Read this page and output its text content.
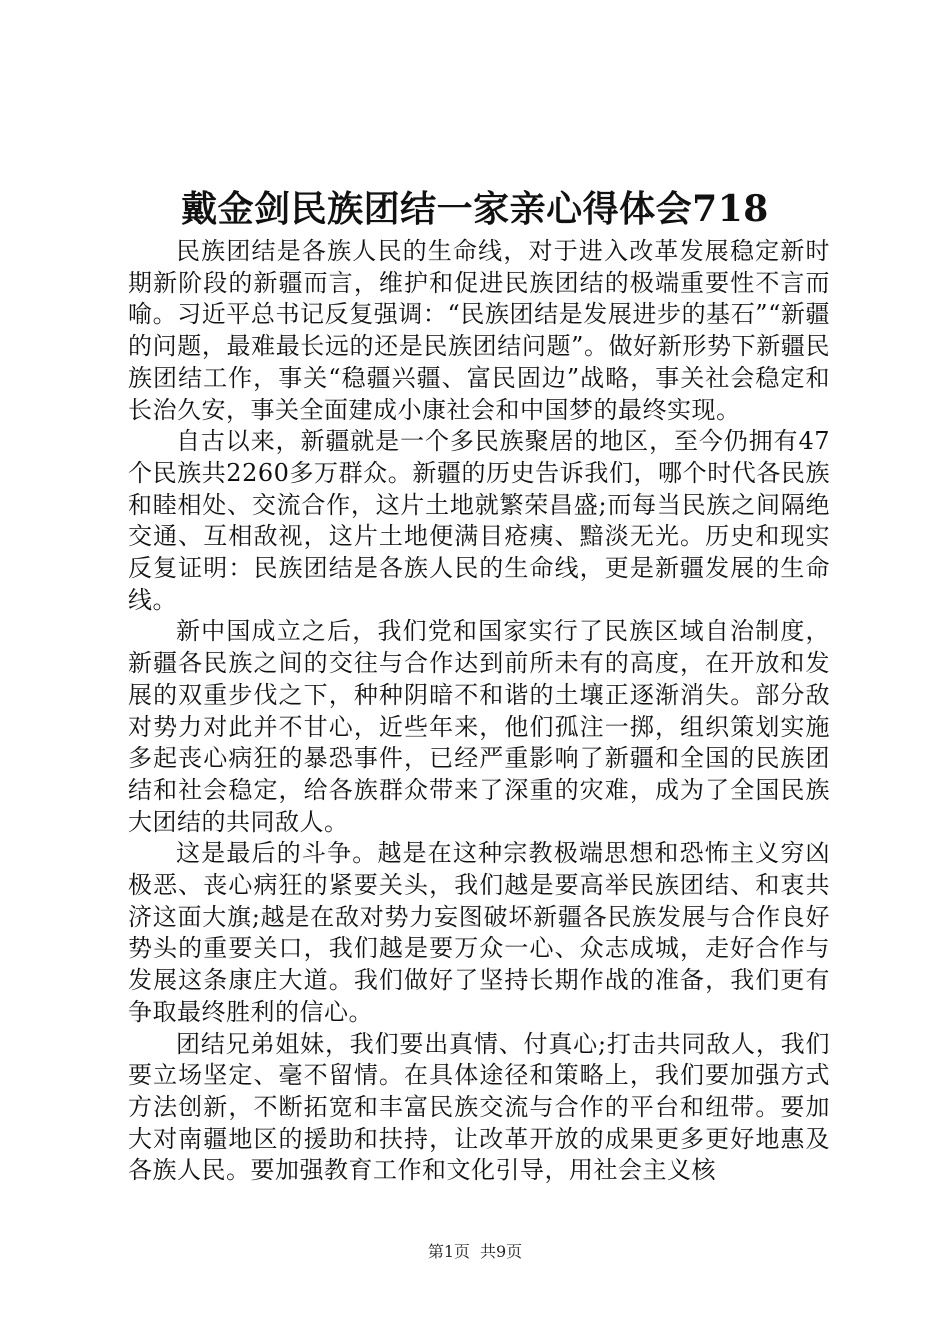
戴金剑民族团结一家亲心得体会718

民族团结是各族人民的生命线，对于进入改革发展稳定新时期新阶段的新疆而言，维护和促进民族团结的极端重要性不言而喻。习近平总书记反复强调：“民族团结是发展进步的基石”“新疆的问题，最难最长远的还是民族团结问题”。做好新形势下新疆民族团结工作，事关“稳疆兴疆、富民固边”战略，事关社会稳定和长治久安，事关全面建成小康社会和中国梦的最终实现。

自古以来，新疆就是一个多民族聚居的地区，至今仍拥有47个民族共2260多万群众。新疆的历史告诉我们，哪个时代各民族和睦相处、交流合作，这片土地就繁荣昌盛;而每当民族之间隔绝交通、互相敌视，这片土地便满目疮痍、黯淡无光。历史和现实反复证明：民族团结是各族人民的生命线，更是新疆发展的生命线。

新中国成立之后，我们党和国家实行了民族区域自治制度，新疆各民族之间的交往与合作达到前所未有的高度，在开放和发展的双重步伐之下，种种阴暗不和谐的土壤正逐渐消失。部分敌对势力对此并不甘心，近些年来，他们孤注一掷，组织策划实施多起丧心病狂的暴恐事件，已经严重影响了新疆和全国的民族团结和社会稳定，给各族群众带来了深重的灾难，成为了全国民族大团结的共同敌人。

这是最后的斗争。越是在这种宗教极端思想和恐怖主义穷凶极恶、丧心病狂的紧要关头，我们越是要高举民族团结、和衷共济这面大旗;越是在敌对势力妄图破坏新疆各民族发展与合作良好势头的重要关口，我们越是要万众一心、众志成城，走好合作与发展这条康庄大道。我们做好了坚持长期作战的准备，我们更有争取最终胜利的信心。

团结兄弟姐妹，我们要出真情、付真心;打击共同敌人，我们要立场坚定、毫不留情。在具体途径和策略上，我们要加强方式方法创新，不断拓宽和丰富民族交流与合作的平台和纽带。要加大对南疆地区的援助和扶持，让改革开放的成果更多更好地惠及各族人民。要加强教育工作和文化引导，用社会主义核

第1页 共9页
